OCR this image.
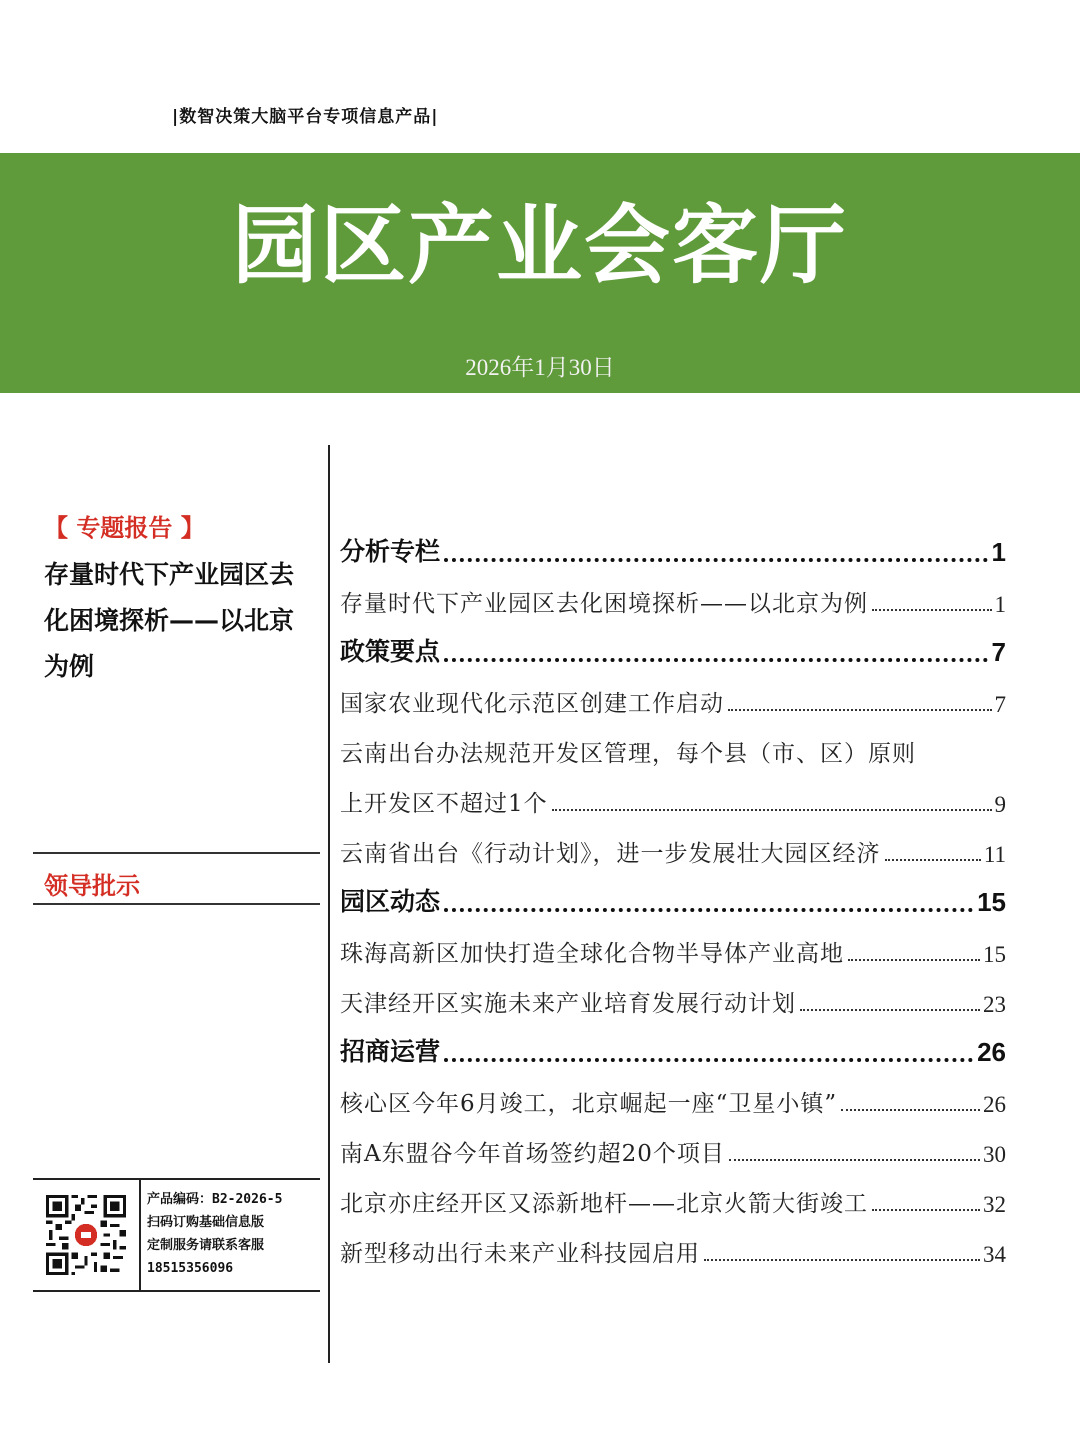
|数智决策大脑平台专项信息产品|
园区产业会客厅
2026年1月30日
【 专题报告 】
存量时代下产业园区去化困境探析——以北京为例
领导批示
产品编码：B2-2026-5
扫码订购基础信息版
定制服务请联系客服
18515356096
分析专栏	1
存量时代下产业园区去化困境探析——以北京为例	1
政策要点	7
国家农业现代化示范区创建工作启动	7
云南出台办法规范开发区管理，每个县（市、区）原则
上开发区不超过1个	9
云南省出台《行动计划》，进一步发展壮大园区经济	11
园区动态	15
珠海高新区加快打造全球化合物半导体产业高地	15
天津经开区实施未来产业培育发展行动计划	23
招商运营	26
核心区今年6月竣工，北京崛起一座“卫星小镇”	26
南A东盟谷今年首场签约超20个项目	30
北京亦庄经开区又添新地杆——北京火箭大街竣工	32
新型移动出行未来产业科技园启用	34
